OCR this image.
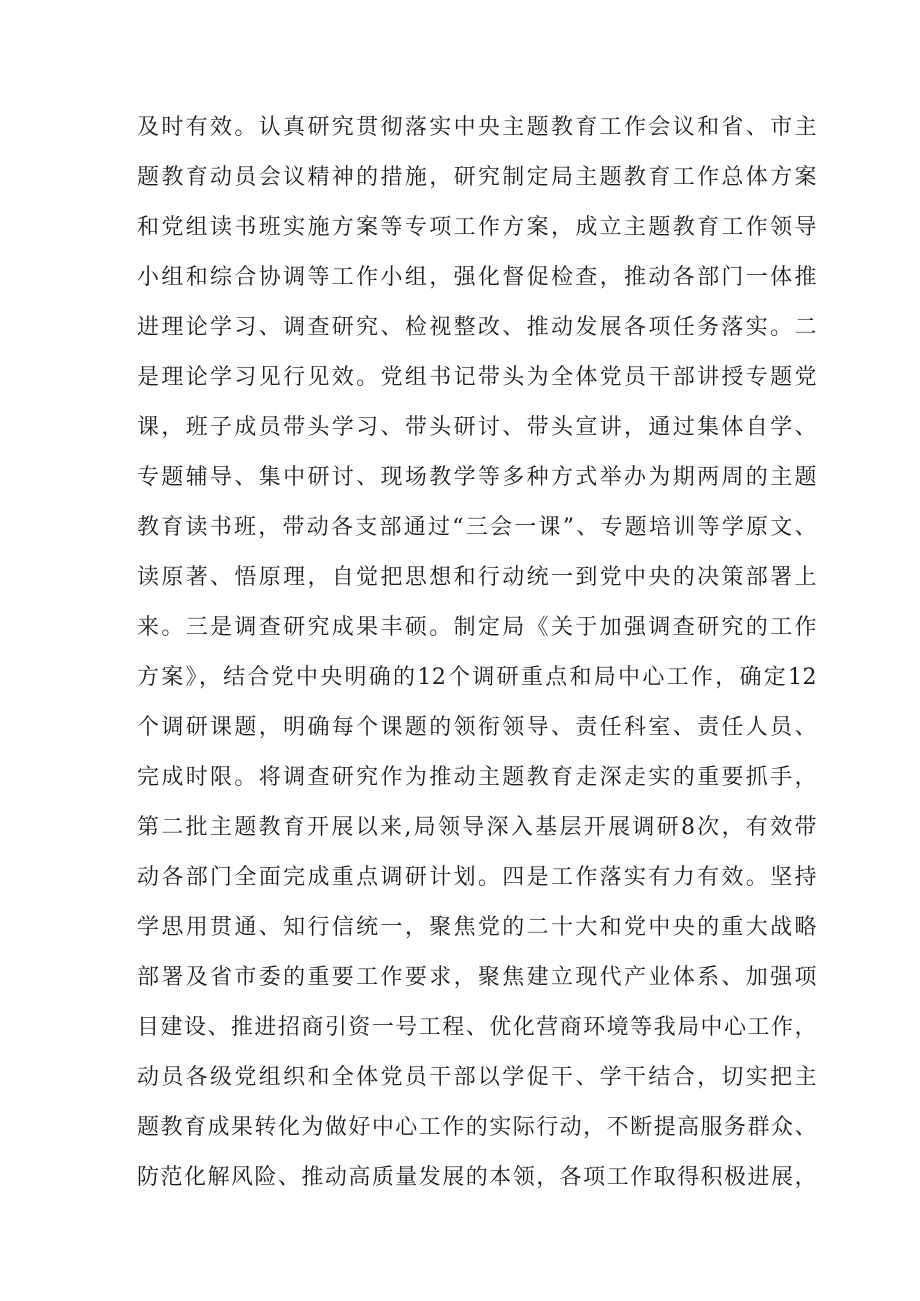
及时有效。认真研究贯彻落实中央主题教育工作会议和省、市主
题教育动员会议精神的措施，研究制定局主题教育工作总体方案
和党组读书班实施方案等专项工作方案，成立主题教育工作领导
小组和综合协调等工作小组，强化督促检查，推动各部门一体推
进理论学习、调查研究、检视整改、推动发展各项任务落实。二
是理论学习见行见效。党组书记带头为全体党员干部讲授专题党
课，班子成员带头学习、带头研讨、带头宣讲，通过集体自学、
专题辅导、集中研讨、现场教学等多种方式举办为期两周的主题
教育读书班，带动各支部通过“三会一课”、专题培训等学原文、
读原著、悟原理，自觉把思想和行动统一到党中央的决策部署上
来。三是调查研究成果丰硕。制定局《关于加强调查研究的工作
方案》，结合党中央明确的12个调研重点和局中心工作，确定12
个调研课题，明确每个课题的领衔领导、责任科室、责任人员、
完成时限。将调查研究作为推动主题教育走深走实的重要抓手，
第二批主题教育开展以来,局领导深入基层开展调研8次，有效带
动各部门全面完成重点调研计划。四是工作落实有力有效。坚持
学思用贯通、知行信统一，聚焦党的二十大和党中央的重大战略
部署及省市委的重要工作要求，聚焦建立现代产业体系、加强项
目建设、推进招商引资一号工程、优化营商环境等我局中心工作，
动员各级党组织和全体党员干部以学促干、学干结合，切实把主
题教育成果转化为做好中心工作的实际行动，不断提高服务群众、
防范化解风险、推动高质量发展的本领，各项工作取得积极进展，
